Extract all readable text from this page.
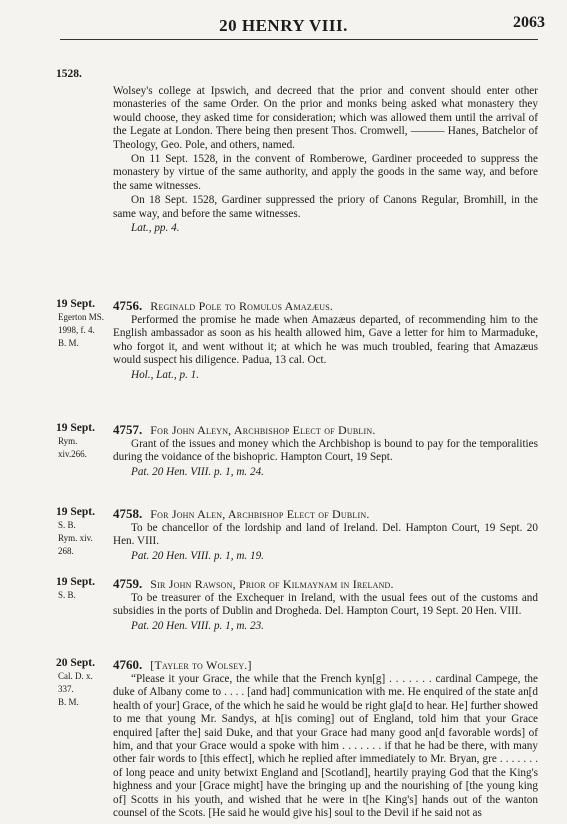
20 HENRY VIII.	2063
1528.

Wolsey's college at Ipswich, and decreed that the prior and convent should enter other monasteries of the same Order. On the prior and monks being asked what monastery they would choose, they asked time for consideration; which was allowed them until the arrival of the Legate at London. There being then present Thos. Cromwell, ——— Hanes, Batchelor of Theology, Geo. Pole, and others, named.

On 11 Sept. 1528, in the convent of Romberowe, Gardiner proceeded to suppress the monastery by virtue of the same authority, and apply the goods in the same way, and before the same witnesses.

On 18 Sept. 1528, Gardiner suppressed the priory of Canons Regular, Bromhill, in the same way, and before the same witnesses.

Lat., pp. 4.
19 Sept.
Egerton MS.
1998, f. 4.
B. M.
4756. Reginald Pole to Romulus Amazæus.

Performed the promise he made when Amazæus departed, of recommending him to the English ambassador as soon as his health allowed him, Gave a letter for him to Marmaduke, who forgot it, and went without it; at which he was much troubled, fearing that Amazæus would suspect his diligence. Padua, 13 cal. Oct.

Hol., Lat., p. 1.
19 Sept.
Rym. xiv.266.
4757. For John Aleyn, Archbishop Elect of Dublin.

Grant of the issues and money which the Archbishop is bound to pay for the temporalities during the voidance of the bishopric. Hampton Court, 19 Sept.

Pat. 20 Hen. VIII. p. 1, m. 24.
19 Sept.
S. B.
Rym. xiv. 268.
4758. For John Alen, Archbishop Elect of Dublin.

To be chancellor of the lordship and land of Ireland. Del. Hampton Court, 19 Sept. 20 Hen. VIII.

Pat. 20 Hen. VIII. p. 1, m. 19.
19 Sept.
S. B.
4759. Sir John Rawson, Prior of Kilmaynam in Ireland.

To be treasurer of the Exchequer in Ireland, with the usual fees out of the customs and subsidies in the ports of Dublin and Drogheda. Del. Hampton Court, 19 Sept. 20 Hen. VIII.

Pat. 20 Hen. VIII. p. 1, m. 23.
20 Sept.
Cal. D. x. 337.
B. M.
4760. [Tayler to Wolsey.]

“Please it your Grace, the while that the French kyn[g] . . . . . . . cardinal Campege, the duke of Albany come to . . . . [and had] communication with me. He enquired of the state an[d health of your] Grace, of the which he said he would be right gla[d to hear. He] further showed to me that young Mr. Sandys, at h[is coming] out of England, told him that your Grace enquired [after the] said Duke, and that your Grace had many good an[d favorable words] of him, and that your Grace would a spoke with him . . . . . . . if that he had be there, with many other fair words to [this effect], which he replied after immediately to Mr. Bryan, gre . . . . . . . of long peace and unity betwixt England and [Scotland], heartily praying God that the King's highness and your [Grace might] have the bringing up and the nourishing of [the young king of] Scotts in his youth, and wished that he were in t[he King's] hands out of the wanton counsel of the Scots. [He said he would give his] soul to the Devil if he said not as
